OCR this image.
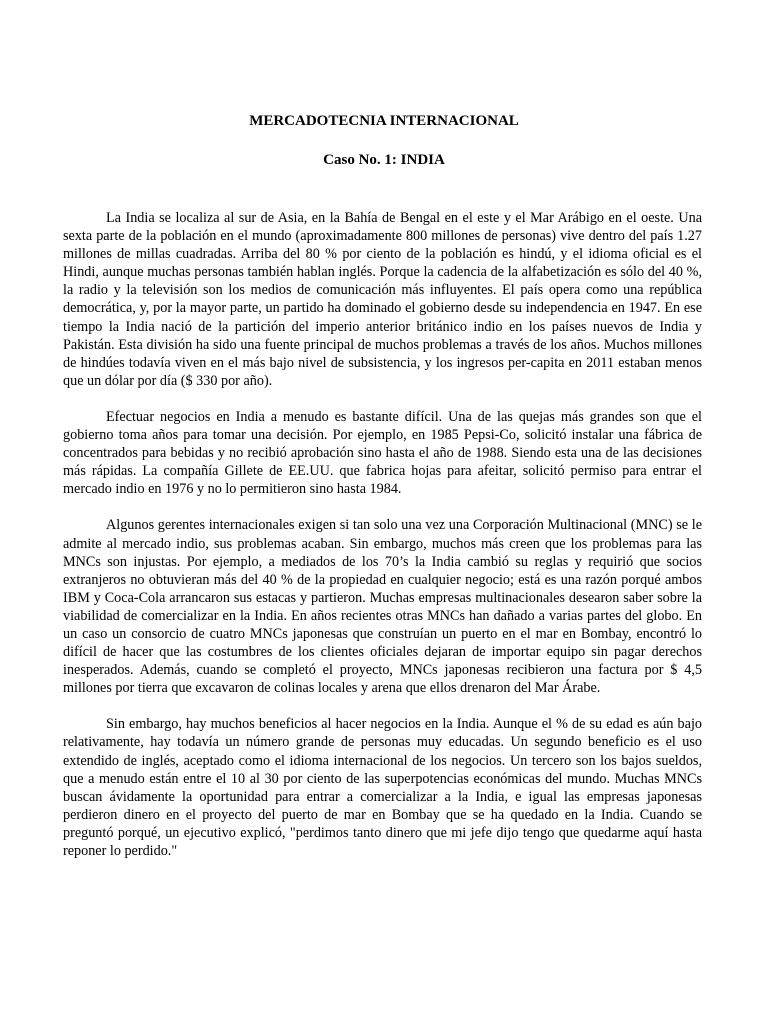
MERCADOTECNIA INTERNACIONAL
Caso No. 1: INDIA

La India se localiza al sur de Asia, en la Bahía de Bengal en el este y el Mar Arábigo en el oeste. Una sexta parte de la población en el mundo (aproximadamente 800 millones de personas) vive dentro del país 1.27 millones de millas cuadradas. Arriba del 80 % por ciento de la población es hindú, y el idioma oficial es el Hindi, aunque muchas personas también hablan inglés. Porque la cadencia de la alfabetización es sólo del 40 %, la radio y la televisión son los medios de comunicación más influyentes. El país opera como una república democrática, y, por la mayor parte, un partido ha dominado el gobierno desde su independencia en 1947. En ese tiempo la India nació de la partición del imperio anterior británico indio en los países nuevos de India y Pakistán. Esta división ha sido una fuente principal de muchos problemas a través de los años. Muchos millones de hindúes todavía viven en el más bajo nivel de subsistencia, y los ingresos per-capita en 2011 estaban menos que un dólar por día ($ 330 por año).

Efectuar negocios en India a menudo es bastante difícil. Una de las quejas más grandes son que el gobierno toma años para tomar una decisión. Por ejemplo, en 1985 Pepsi-Co, solicitó instalar una fábrica de concentrados para bebidas y no recibió aprobación sino hasta el año de 1988. Siendo esta una de las decisiones más rápidas. La compañía Gillete de EE.UU. que fabrica hojas para afeitar, solicitó permiso para entrar el mercado indio en 1976 y no lo permitieron sino hasta 1984.

Algunos gerentes internacionales exigen si tan solo una vez una Corporación Multinacional (MNC) se le admite al mercado indio, sus problemas acaban. Sin embargo, muchos más creen que los problemas para las MNCs son injustas. Por ejemplo, a mediados de los 70’s la India cambió su reglas y requirió que socios extranjeros no obtuvieran más del 40 % de la propiedad en cualquier negocio; está es una razón porqué ambos IBM y Coca-Cola arrancaron sus estacas y partieron. Muchas empresas multinacionales desearon saber sobre la viabilidad de comercializar en la India. En años recientes otras MNCs han dañado a varias partes del globo. En un caso un consorcio de cuatro MNCs japonesas que construían un puerto en el mar en Bombay, encontró lo difícil de hacer que las costumbres de los clientes oficiales dejaran de importar equipo sin pagar derechos inesperados. Además, cuando se completó el proyecto, MNCs japonesas recibieron una factura por $ 4,5 millones por tierra que excavaron de colinas locales y arena que ellos drenaron del Mar Árabe.

Sin embargo, hay muchos beneficios al hacer negocios en la India. Aunque el % de su edad es aún bajo relativamente, hay todavía un número grande de personas muy educadas. Un segundo beneficio es el uso extendido de inglés, aceptado como el idioma internacional de los negocios. Un tercero son los bajos sueldos, que a menudo están entre el 10 al 30 por ciento de las superpotencias económicas del mundo. Muchas MNCs buscan ávidamente la oportunidad para entrar a comercializar a la India, e igual las empresas japonesas perdieron dinero en el proyecto del puerto de mar en Bombay que se ha quedado en la India. Cuando se preguntó porqué, un ejecutivo explicó, "perdimos tanto dinero que mi jefe dijo tengo que quedarme aquí hasta reponer lo perdido."
